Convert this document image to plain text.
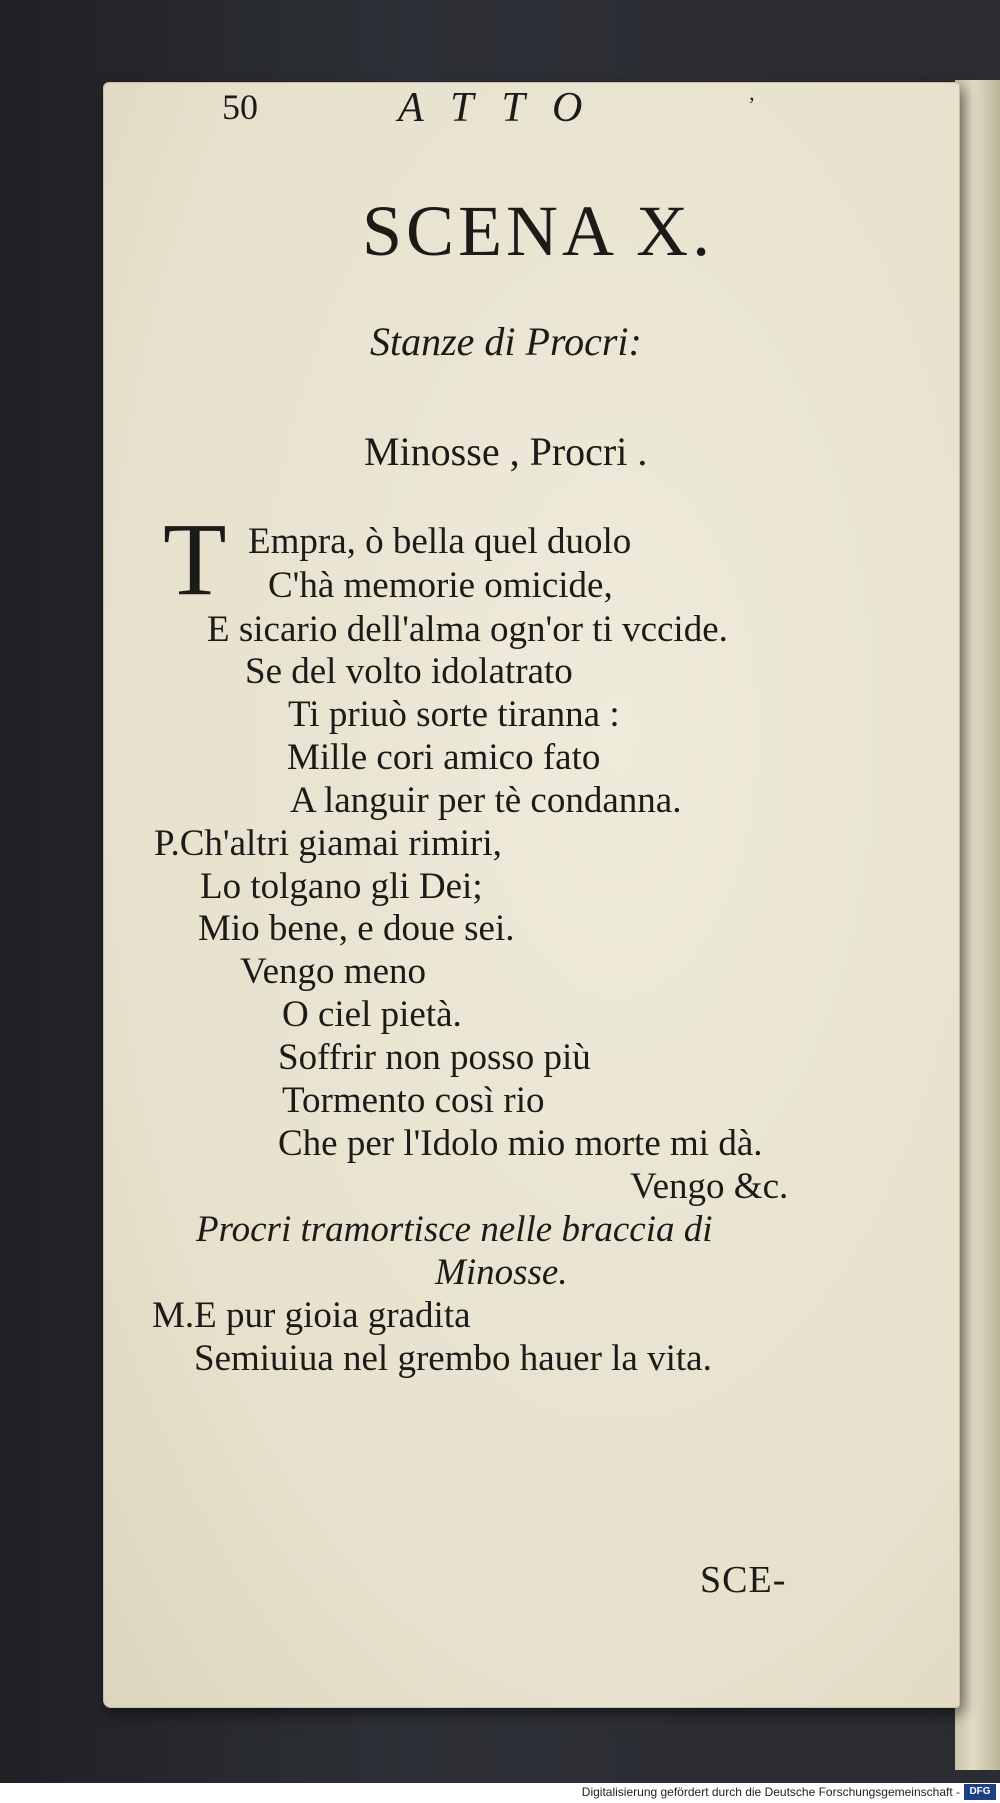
50	ATTO	’
SCENA X.
Stanze di Procri:
Minosse , Procri .
T Empra, ò bella quel duolo
C'hà memorie omicide,
E sicario dell'alma ogn'or ti vccide.
Se del volto idolatrato
Ti priuò sorte tiranna :
Mille cori amico fato
A languir per tè condanna.
P.Ch'altri giamai rimiri,
Lo tolgano gli Dei;
Mio bene, e doue sei.
Vengo meno
O ciel pietà.
Soffrir non posso più
Tormento così rio
Che per l'Idolo mio morte mi dà.
Vengo &c.
Procri tramortisce nelle braccia di
Minosse.
M.E pur gioia gradita
Semiuiua nel grembo hauer la vita.
SCE-
Digitalisierung gefördert durch die Deutsche Forschungsgemeinschaft - DFG
